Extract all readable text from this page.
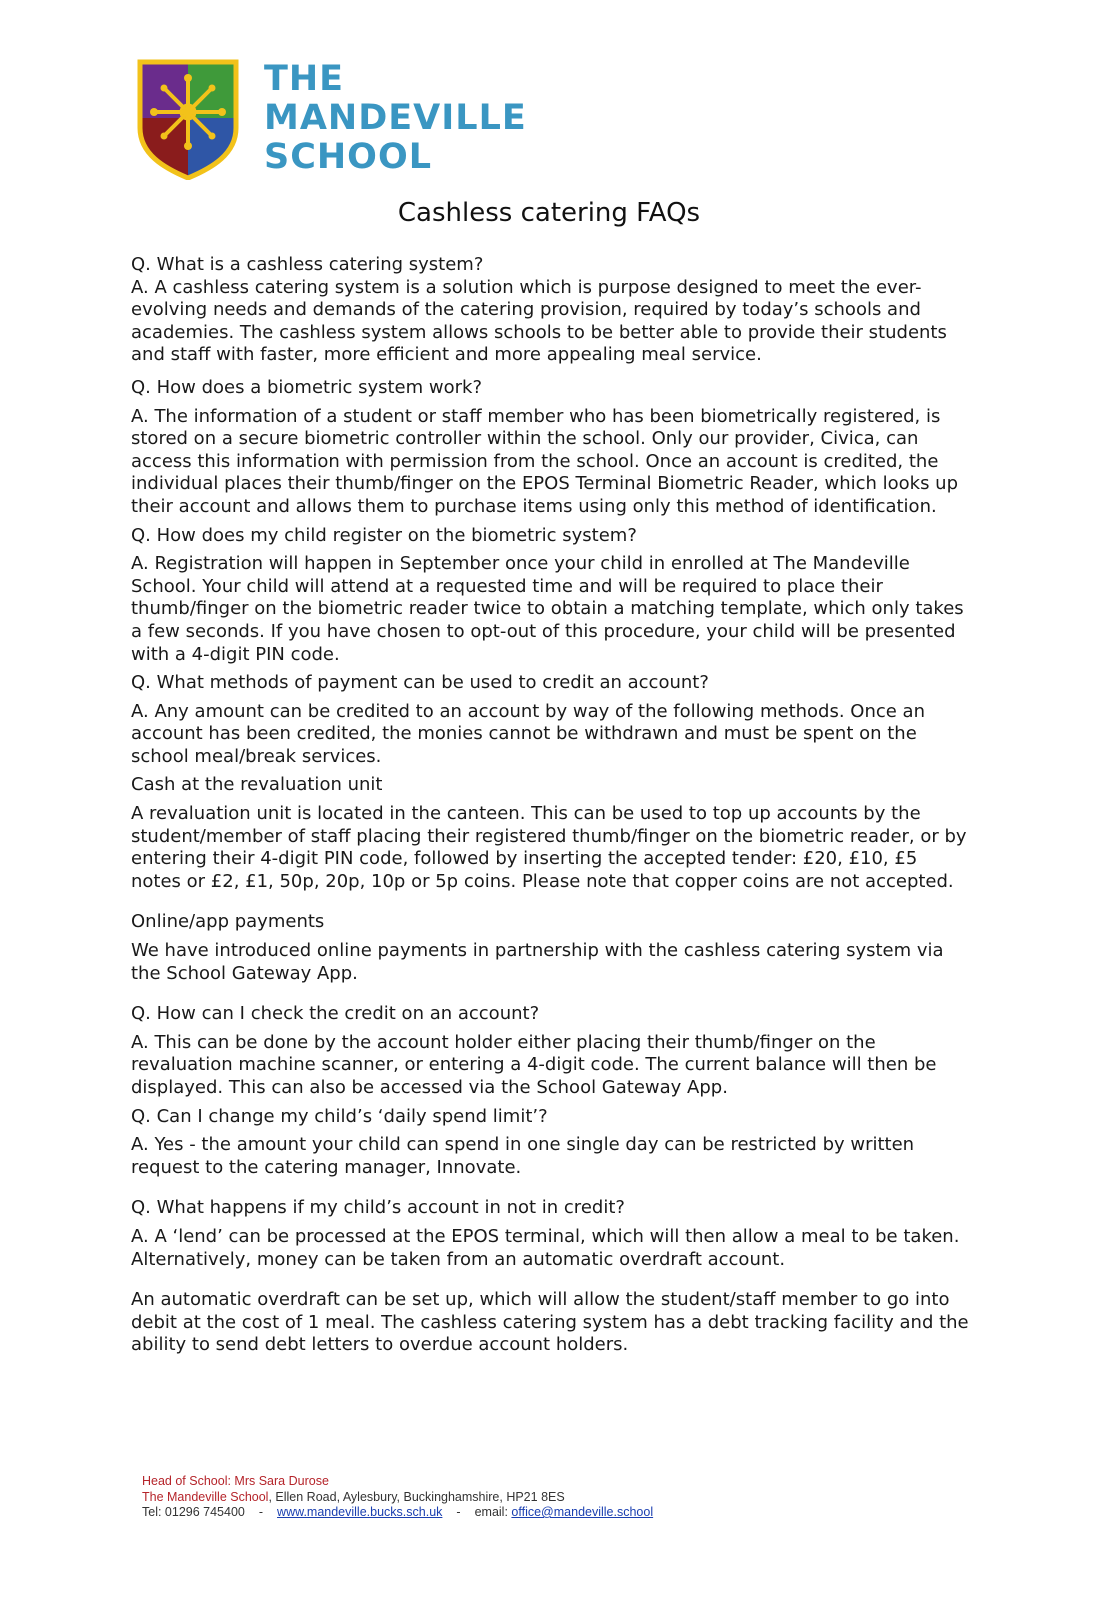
THE
MANDEVILLE
SCHOOL
Cashless catering FAQs

Q. What is a cashless catering system?

A. A cashless catering system is a solution which is purpose designed to meet the ever-evolving needs and demands of the catering provision, required by today’s schools and academies. The cashless system allows schools to be better able to provide their students and staff with faster, more efficient and more appealing meal service.

Q. How does a biometric system work?

A. The information of a student or staff member who has been biometrically registered, is stored on a secure biometric controller within the school. Only our provider, Civica, can access this information with permission from the school. Once an account is credited, the individual places their thumb/finger on the EPOS Terminal Biometric Reader, which looks up their account and allows them to purchase items using only this method of identification.

Q. How does my child register on the biometric system?

A. Registration will happen in September once your child in enrolled at The Mandeville School. Your child will attend at a requested time and will be required to place their thumb/finger on the biometric reader twice to obtain a matching template, which only takes a few seconds. If you have chosen to opt-out of this procedure, your child will be presented with a 4-digit PIN code.

Q. What methods of payment can be used to credit an account?

A. Any amount can be credited to an account by way of the following methods. Once an account has been credited, the monies cannot be withdrawn and must be spent on the school meal/break services.

Cash at the revaluation unit

A revaluation unit is located in the canteen. This can be used to top up accounts by the student/member of staff placing their registered thumb/finger on the biometric reader, or by entering their 4-digit PIN code, followed by inserting the accepted tender: £20, £10, £5 notes or £2, £1, 50p, 20p, 10p or 5p coins. Please note that copper coins are not accepted.

Online/app payments

We have introduced online payments in partnership with the cashless catering system via the School Gateway App.

Q. How can I check the credit on an account?

A. This can be done by the account holder either placing their thumb/finger on the revaluation machine scanner, or entering a 4-digit code. The current balance will then be displayed. This can also be accessed via the School Gateway App.

Q. Can I change my child’s ‘daily spend limit’?

A. Yes - the amount your child can spend in one single day can be restricted by written request to the catering manager, Innovate.

Q. What happens if my child’s account in not in credit?

A. A ‘lend’ can be processed at the EPOS terminal, which will then allow a meal to be taken. Alternatively, money can be taken from an automatic overdraft account.

An automatic overdraft can be set up, which will allow the student/staff member to go into debit at the cost of 1 meal. The cashless catering system has a debt tracking facility and the ability to send debt letters to overdue account holders.

Head of School: Mrs Sara Durose
The Mandeville School, Ellen Road, Aylesbury, Buckinghamshire, HP21 8ES
Tel: 01296 745400 - www.mandeville.bucks.sch.uk - email: office@mandeville.school
